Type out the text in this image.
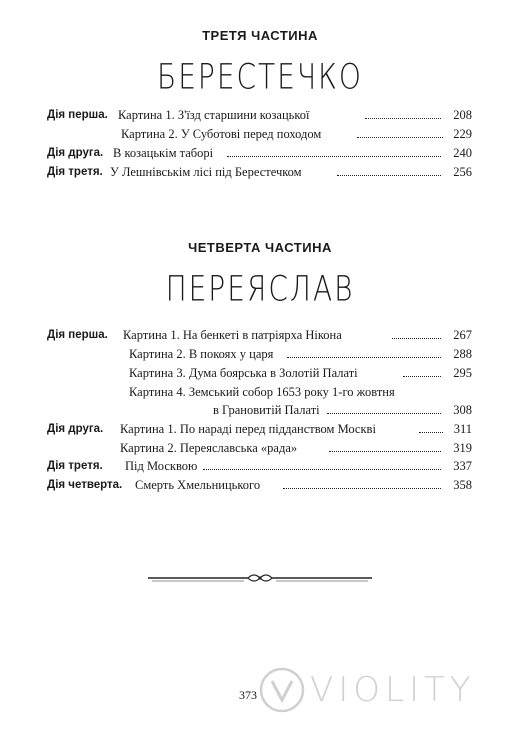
ТРЕТЯ ЧАСТИНА
БЕРЕСТЕЧКО
Дія перша. Картина 1. З'їзд старшини козацької	208
Картина 2. У Суботові перед походом	229
Дія друга. В козацькім таборі	240
Дія третя. У Лешнівськім лісі під Берестечком	256
ЧЕТВЕРТА ЧАСТИНА
ПЕРЕЯСЛАВ
Дія перша. Картина 1. На бенкеті в патріярха Нікона	267
Картина 2. В покоях у царя	288
Картина 3. Дума боярська в Золотій Палаті	295
Картина 4. Земський собор 1653 року 1-го жовтня
в Грановитій Палаті	308
Дія друга. Картина 1. По нараді перед підданством Москві	311
Картина 2. Переяславська «рада»	319
Дія третя. Під Москвою	337
Дія четверта. Смерть Хмельницького	358
373	VIOLITY
